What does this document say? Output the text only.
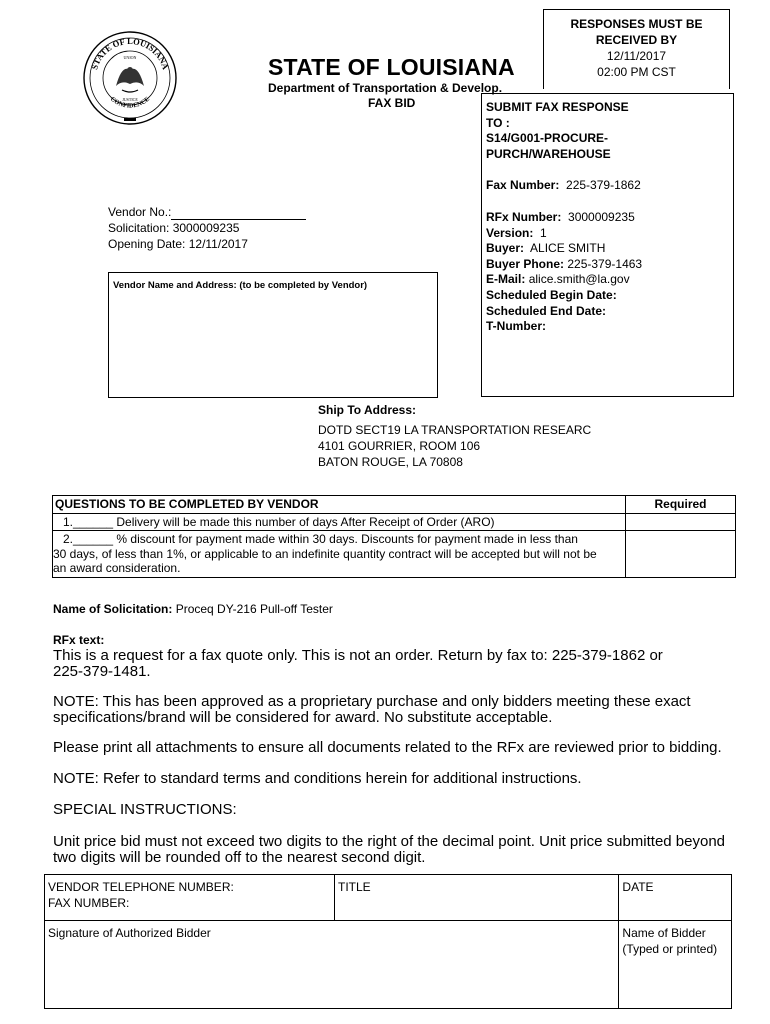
STATE OF LOUISIANA
CONFIDENCE
UNION
JUSTICE
STATE OF LOUISIANA
Department of Transportation & Develop.
FAX BID
RESPONSES MUST BE
RECEIVED BY
12/11/2017
02:00 PM CST
SUBMIT FAX RESPONSE
TO :
S14/G001-PROCURE-
PURCH/WAREHOUSE
Fax Number: 225-379-1862
RFx Number: 3000009235
Version: 1
Buyer: ALICE SMITH
Buyer Phone: 225-379-1463
E-Mail: alice.smith@la.gov
Scheduled Begin Date:
Scheduled End Date:
T-Number:
Vendor No.:
Solicitation: 3000009235
Opening Date: 12/11/2017
Vendor Name and Address: (to be completed by Vendor)
Ship To Address:
DOTD SECT19 LA TRANSPORTATION RESEARC
4101 GOURRIER, ROOM 106
BATON ROUGE, LA 70808
QUESTIONS TO BE COMPLETED BY VENDOR	Required
1.______ Delivery will be made this number of days After Receipt of Order (ARO)	

2.______ % discount for payment made within 30 days. Discounts for payment made in less than
30 days, of less than 1%, or applicable to an indefinite quantity contract will be accepted but will not be
an award consideration.	

Name of Solicitation: Proceq DY-216 Pull-off Tester
RFx text:
This is a request for a fax quote only. This is not an order. Return by fax to: 225-379-1862 or
225-379-1481.
NOTE: This has been approved as a proprietary purchase and only bidders meeting these exact
specifications/brand will be considered for award. No substitute acceptable.
Please print all attachments to ensure all documents related to the RFx are reviewed prior to bidding.
NOTE: Refer to standard terms and conditions herein for additional instructions.
SPECIAL INSTRUCTIONS:
Unit price bid must not exceed two digits to the right of the decimal point. Unit price submitted beyond
two digits will be rounded off to the nearest second digit.
VENDOR TELEPHONE NUMBER:
FAX NUMBER:	TITLE	DATE
Signature of Authorized Bidder		Name of Bidder
(Typed or printed)
